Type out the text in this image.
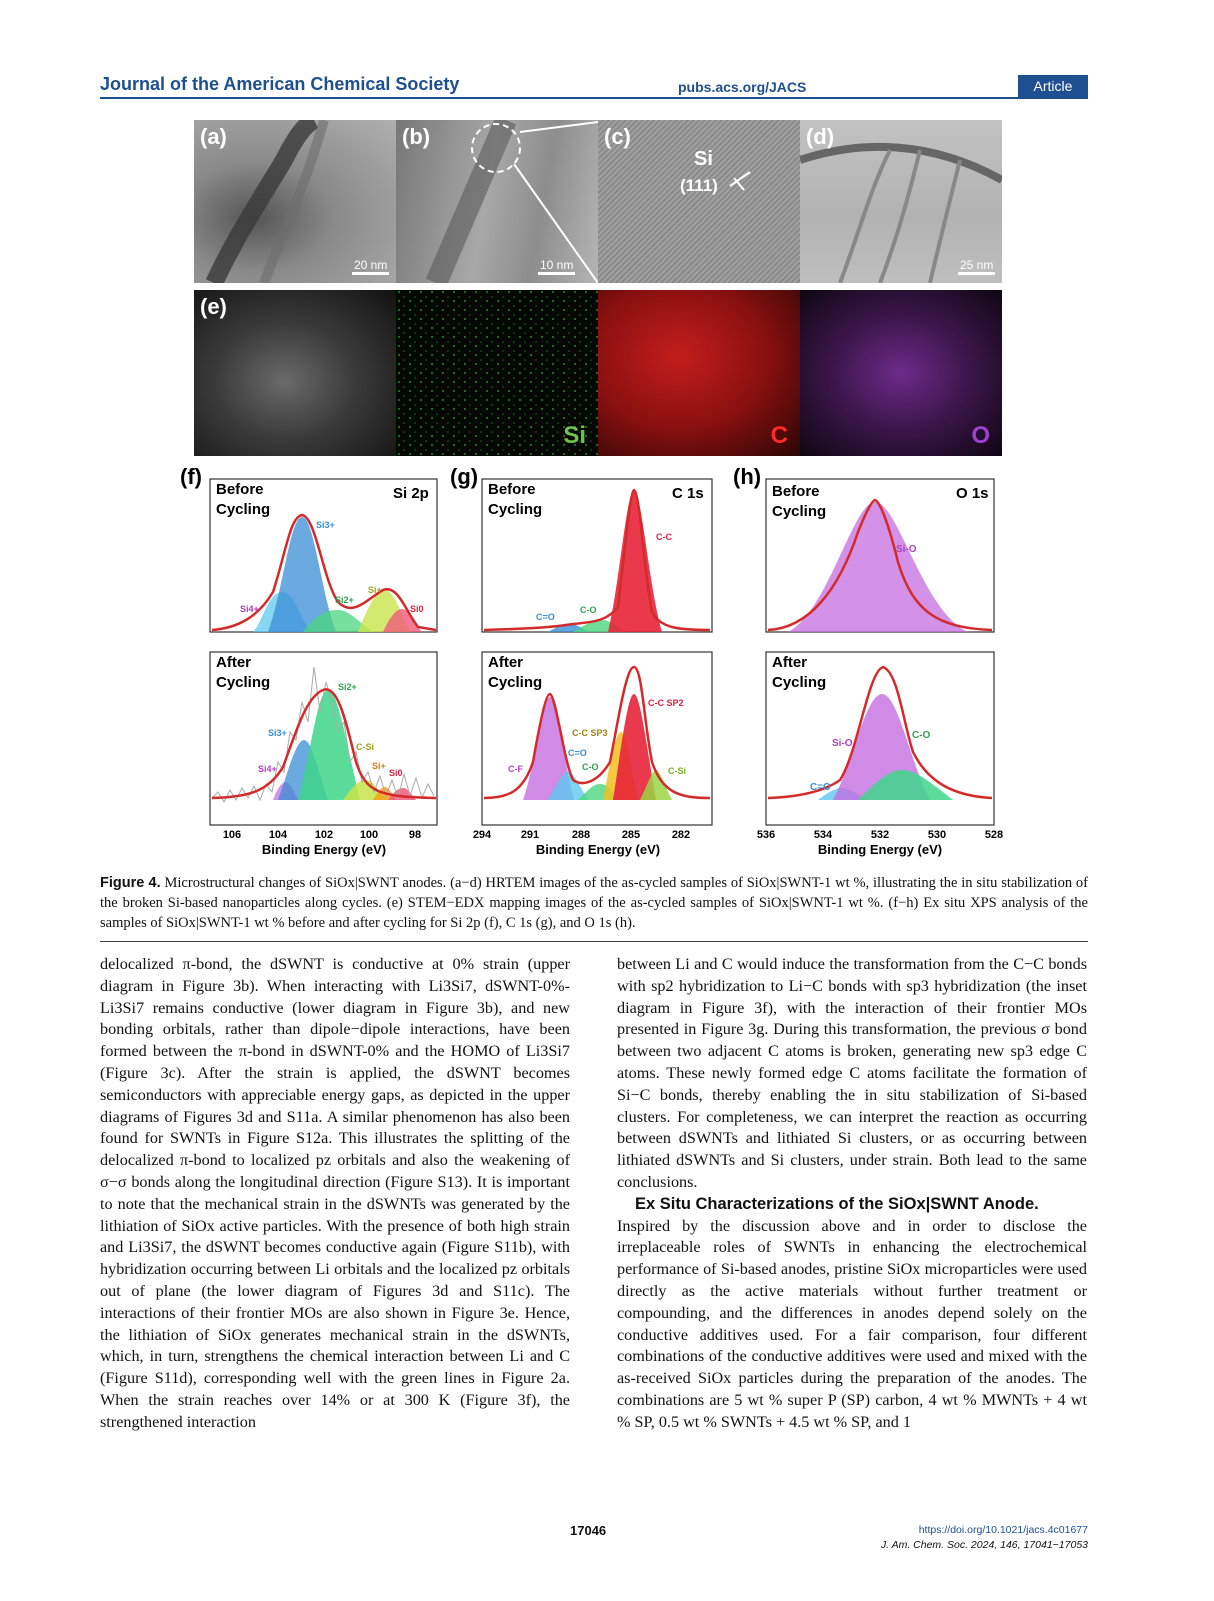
Journal of the American Chemical Society	pubs.acs.org/JACS	Article
(a)
20 nm
(b)
10 nm
(c)
Si
(111)
(d)
25 nm
(e)
Si	C	O
(f)	(g)	(h)
Before
Cycling
Si 2p
Si3+
Si4+
Si2+
Si+
Si0
After
Cycling	Si2+
Si3+
C-Si
Si4+	Si+
Si0
106	104	102 100	98
Binding Energy (eV)
Before
Cycling
C 1s
C-C
C=O
C-O
After
Cycling
C-C SP2
C-C SP3
C=O
C-F	C-O	C-Si
294	291	288	285	282
Binding Energy (eV)
Before
Cycling
O 1s
Si-O
After
Cycling
Si-O
C-O
C=O
536	534	532	530	528
Binding Energy (eV)
Figure 4. Microstructural changes of SiOx|SWNT anodes. (a−d) HRTEM images of the as-cycled samples of SiOx|SWNT-1 wt %, illustrating the in situ stabilization of the broken Si-based nanoparticles along cycles. (e) STEM−EDX mapping images of the as-cycled samples of SiOx|SWNT-1 wt %. (f−h) Ex situ XPS analysis of the samples of SiOx|SWNT-1 wt % before and after cycling for Si 2p (f), C 1s (g), and O 1s (h).

delocalized π-bond, the dSWNT is conductive at 0% strain (upper diagram in Figure 3b). When interacting with Li3Si7, dSWNT-0%-Li3Si7 remains conductive (lower diagram in Figure 3b), and new bonding orbitals, rather than dipole−dipole interactions, have been formed between the π-bond in dSWNT-0% and the HOMO of Li3Si7 (Figure 3c). After the strain is applied, the dSWNT becomes semiconductors with appreciable energy gaps, as depicted in the upper diagrams of Figures 3d and S11a. A similar phenomenon has also been found for SWNTs in Figure S12a. This illustrates the splitting of the delocalized π-bond to localized pz orbitals and also the weakening of σ−σ bonds along the longitudinal direction (Figure S13). It is important to note that the mechanical strain in the dSWNTs was generated by the lithiation of SiOx active particles. With the presence of both high strain and Li3Si7, the dSWNT becomes conductive again (Figure S11b), with hybridization occurring between Li orbitals and the localized pz orbitals out of plane (the lower diagram of Figures 3d and S11c). The interactions of their frontier MOs are also shown in Figure 3e. Hence, the lithiation of SiOx generates mechanical strain in the dSWNTs, which, in turn, strengthens the chemical interaction between Li and C (Figure S11d), corresponding well with the green lines in Figure 2a. When the strain reaches over 14% or at 300 K (Figure 3f), the strengthened interaction

between Li and C would induce the transformation from the C−C bonds with sp2 hybridization to Li−C bonds with sp3 hybridization (the inset diagram in Figure 3f), with the interaction of their frontier MOs presented in Figure 3g. During this transformation, the previous σ bond between two adjacent C atoms is broken, generating new sp3 edge C atoms. These newly formed edge C atoms facilitate the formation of Si−C bonds, thereby enabling the in situ stabilization of Si-based clusters. For completeness, we can interpret the reaction as occurring between dSWNTs and lithiated Si clusters, or as occurring between lithiated dSWNTs and Si clusters, under strain. Both lead to the same conclusions.

Ex Situ Characterizations of the SiOx|SWNT Anode.

Inspired by the discussion above and in order to disclose the irreplaceable roles of SWNTs in enhancing the electrochemical performance of Si-based anodes, pristine SiOx microparticles were used directly as the active materials without further treatment or compounding, and the differences in anodes depend solely on the conductive additives used. For a fair comparison, four different combinations of the conductive additives were used and mixed with the as-received SiOx particles during the preparation of the anodes. The combinations are 5 wt % super P (SP) carbon, 4 wt % MWNTs + 4 wt % SP, 0.5 wt % SWNTs + 4.5 wt % SP, and 1

17046	https://doi.org/10.1021/jacs.4c01677
J. Am. Chem. Soc. 2024, 146, 17041−17053
